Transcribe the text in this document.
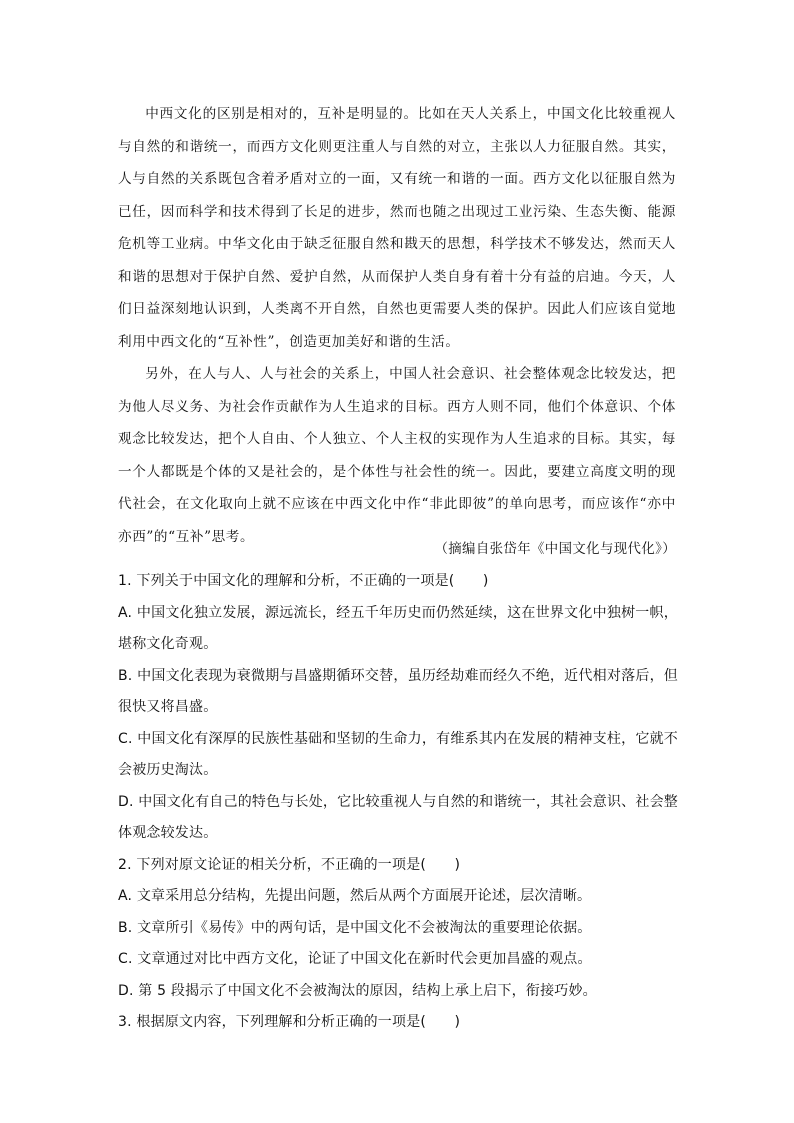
中西文化的区别是相对的，互补是明显的。比如在天人关系上，中国文化比较重视人与自然的和谐统一，而西方文化则更注重人与自然的对立，主张以人力征服自然。其实，人与自然的关系既包含着矛盾对立的一面，又有统一和谐的一面。西方文化以征服自然为已任，因而科学和技术得到了长足的进步，然而也随之出现过工业污染、生态失衡、能源危机等工业病。中华文化由于缺乏征服自然和戡天的思想，科学技术不够发达，然而天人和谐的思想对于保护自然、爱护自然，从而保护人类自身有着十分有益的启迪。今天，人们日益深刻地认识到，人类离不开自然，自然也更需要人类的保护。因此人们应该自觉地利用中西文化的“互补性”，创造更加美好和谐的生活。

另外，在人与人、人与社会的关系上，中国人社会意识、社会整体观念比较发达，把为他人尽义务、为社会作贡献作为人生追求的目标。西方人则不同，他们个体意识、个体观念比较发达，把个人自由、个人独立、个人主权的实现作为人生追求的目标。其实，每一个人都既是个体的又是社会的，是个体性与社会性的统一。因此，要建立高度文明的现代社会，在文化取向上就不应该在中西文化中作“非此即彼”的单向思考，而应该作“亦中亦西”的“互补”思考。

（摘编自张岱年《中国文化与现代化》）

1. 下列关于中国文化的理解和分析，不正确的一项是(　　)

A. 中国文化独立发展，源远流长，经五千年历史而仍然延续，这在世界文化中独树一帜，堪称文化奇观。

B. 中国文化表现为衰微期与昌盛期循环交替，虽历经劫难而经久不绝，近代相对落后，但很快又将昌盛。

C. 中国文化有深厚的民族性基础和坚韧的生命力，有维系其内在发展的精神支柱，它就不会被历史淘汰。

D. 中国文化有自己的特色与长处，它比较重视人与自然的和谐统一，其社会意识、社会整体观念较发达。

2. 下列对原文论证的相关分析，不正确的一项是(　　)

A. 文章采用总分结构，先提出问题，然后从两个方面展开论述，层次清晰。

B. 文章所引《易传》中的两句话，是中国文化不会被淘汰的重要理论依据。

C. 文章通过对比中西方文化，论证了中国文化在新时代会更加昌盛的观点。

D. 第 5 段揭示了中国文化不会被淘汰的原因，结构上承上启下，衔接巧妙。

3. 根据原文内容，下列理解和分析正确的一项是(　　)
